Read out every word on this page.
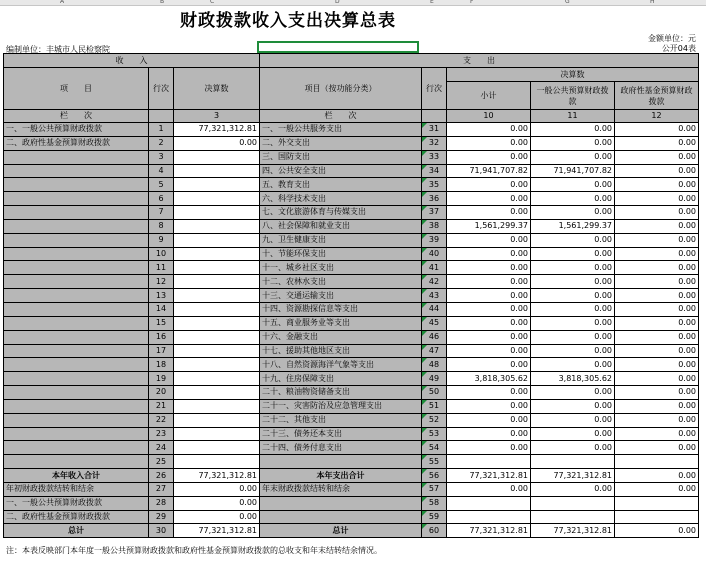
A	B	C	D	E	F	G	H
财政拨款收入支出决算总表
金额单位：元
公开04表
编制单位：丰城市人民检察院
收　　入			支　　出				
项　　目	行次	决算数	项目（按功能分类）	行次	决算数		
					小计	一般公共预算财政拨款	政府性基金预算财政拨款
栏　　次		3	栏　　次		10	11	12
一、一般公共预算财政拨款	1	77,321,312.81	一、一般公共服务支出	31	0.00	0.00	0.00
二、政府性基金预算财政拨款	2	0.00	二、外交支出	32	0.00	0.00	0.00
	3		三、国防支出	33	0.00	0.00	0.00
	4		四、公共安全支出	34	71,941,707.82	71,941,707.82	0.00
	5		五、教育支出	35	0.00	0.00	0.00
	6		六、科学技术支出	36	0.00	0.00	0.00
	7		七、文化旅游体育与传媒支出	37	0.00	0.00	0.00
	8		八、社会保障和就业支出	38	1,561,299.37	1,561,299.37	0.00
	9		九、卫生健康支出	39	0.00	0.00	0.00
	10		十、节能环保支出	40	0.00	0.00	0.00
	11		十一、城乡社区支出	41	0.00	0.00	0.00
	12		十二、农林水支出	42	0.00	0.00	0.00
	13		十三、交通运输支出	43	0.00	0.00	0.00
	14		十四、资源勘探信息等支出	44	0.00	0.00	0.00
	15		十五、商业服务业等支出	45	0.00	0.00	0.00
	16		十六、金融支出	46	0.00	0.00	0.00
	17		十七、援助其他地区支出	47	0.00	0.00	0.00
	18		十八、自然资源海洋气象等支出	48	0.00	0.00	0.00
	19		十九、住房保障支出	49	3,818,305.62	3,818,305.62	0.00
	20		二十、粮油物资储备支出	50	0.00	0.00	0.00
	21		二十一、灾害防治及应急管理支出	51	0.00	0.00	0.00
	22		二十二、其他支出	52	0.00	0.00	0.00
	23		二十三、债务还本支出	53	0.00	0.00	0.00
	24		二十四、债务付息支出	54	0.00	0.00	0.00
	25			55			
本年收入合计	26	77,321,312.81	本年支出合计	56	77,321,312.81	77,321,312.81	0.00
年初财政拨款结转和结余	27	0.00	年末财政拨款结转和结余	57	0.00	0.00	0.00
一、一般公共预算财政拨款	28	0.00		58			
二、政府性基金预算财政拨款	29	0.00		59			
总计	30	77,321,312.81	总计	60	77,321,312.81	77,321,312.81	0.00
注：本表反映部门本年度一般公共预算财政拨款和政府性基金预算财政拨款的总收支和年末结转结余情况。
